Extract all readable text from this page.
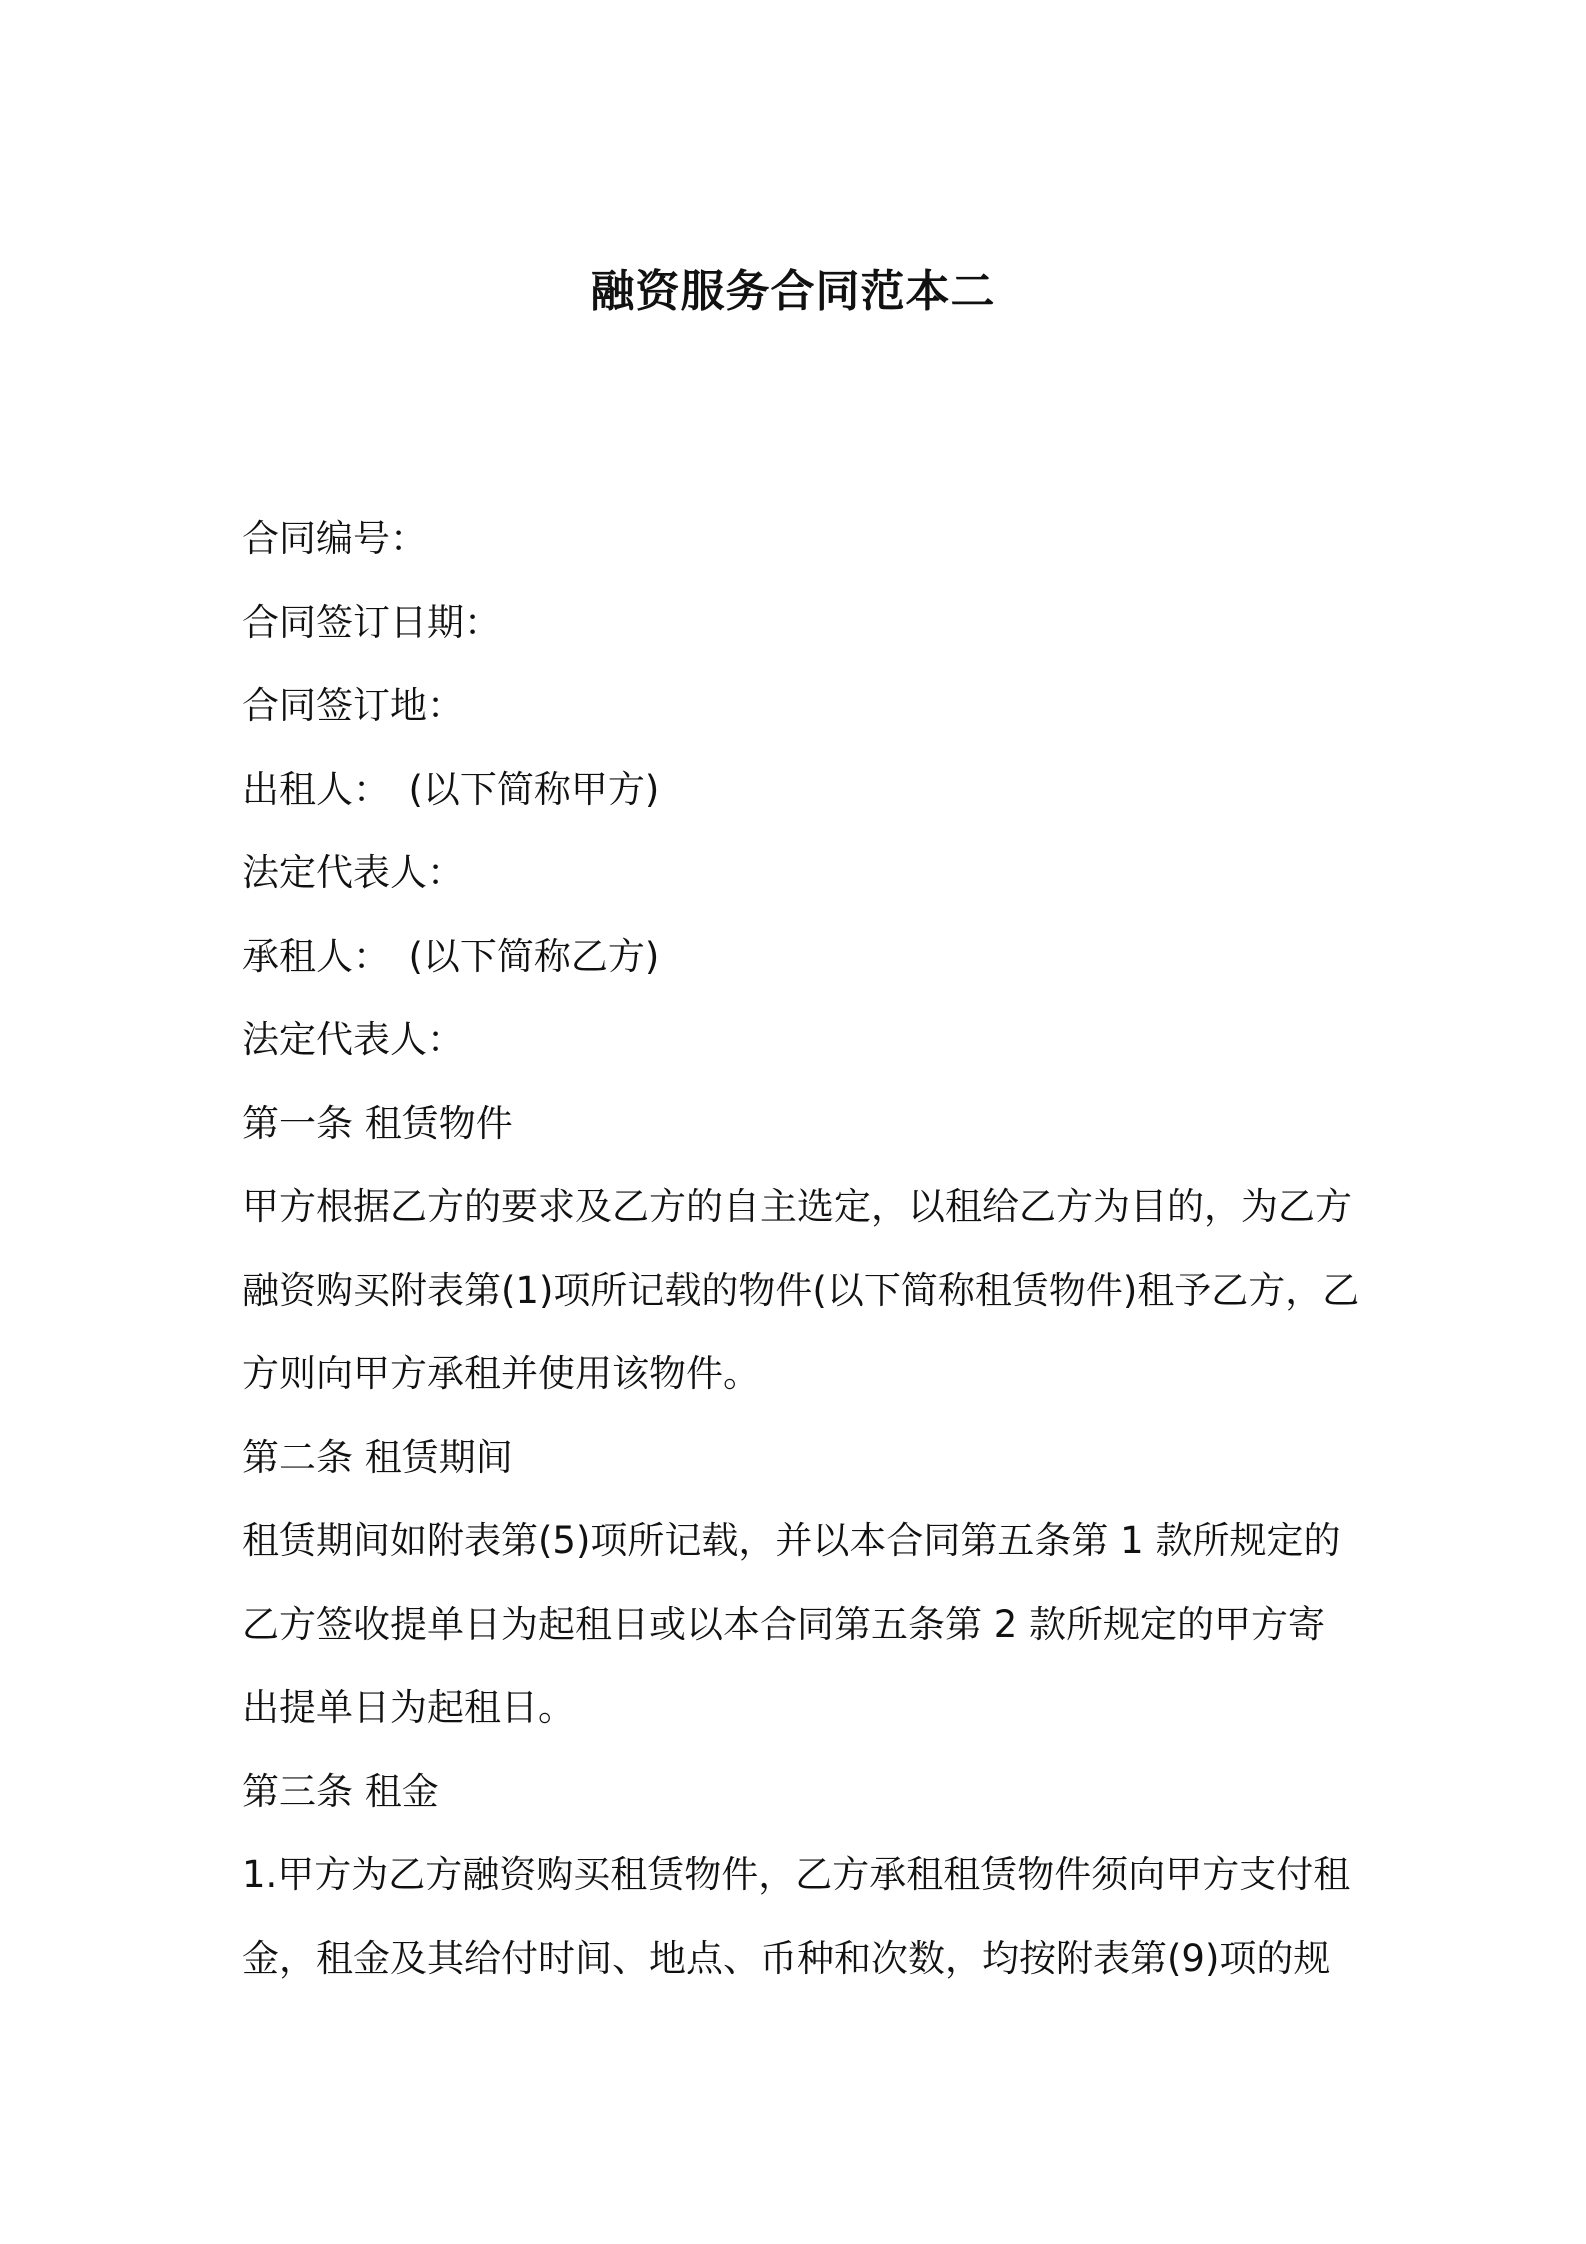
融资服务合同范本二

合同编号：

合同签订日期：

合同签订地：

出租人：　(以下简称甲方)

法定代表人：

承租人：　(以下简称乙方)

法定代表人：

第一条 租赁物件

甲方根据乙方的要求及乙方的自主选定，以租给乙方为目的，为乙方

融资购买附表第(1)项所记载的物件(以下简称租赁物件)租予乙方，乙

方则向甲方承租并使用该物件。

第二条 租赁期间

租赁期间如附表第(5)项所记载，并以本合同第五条第 1 款所规定的

乙方签收提单日为起租日或以本合同第五条第 2 款所规定的甲方寄

出提单日为起租日。

第三条 租金

1.甲方为乙方融资购买租赁物件，乙方承租租赁物件须向甲方支付租

金，租金及其给付时间、地点、币种和次数，均按附表第(9)项的规
